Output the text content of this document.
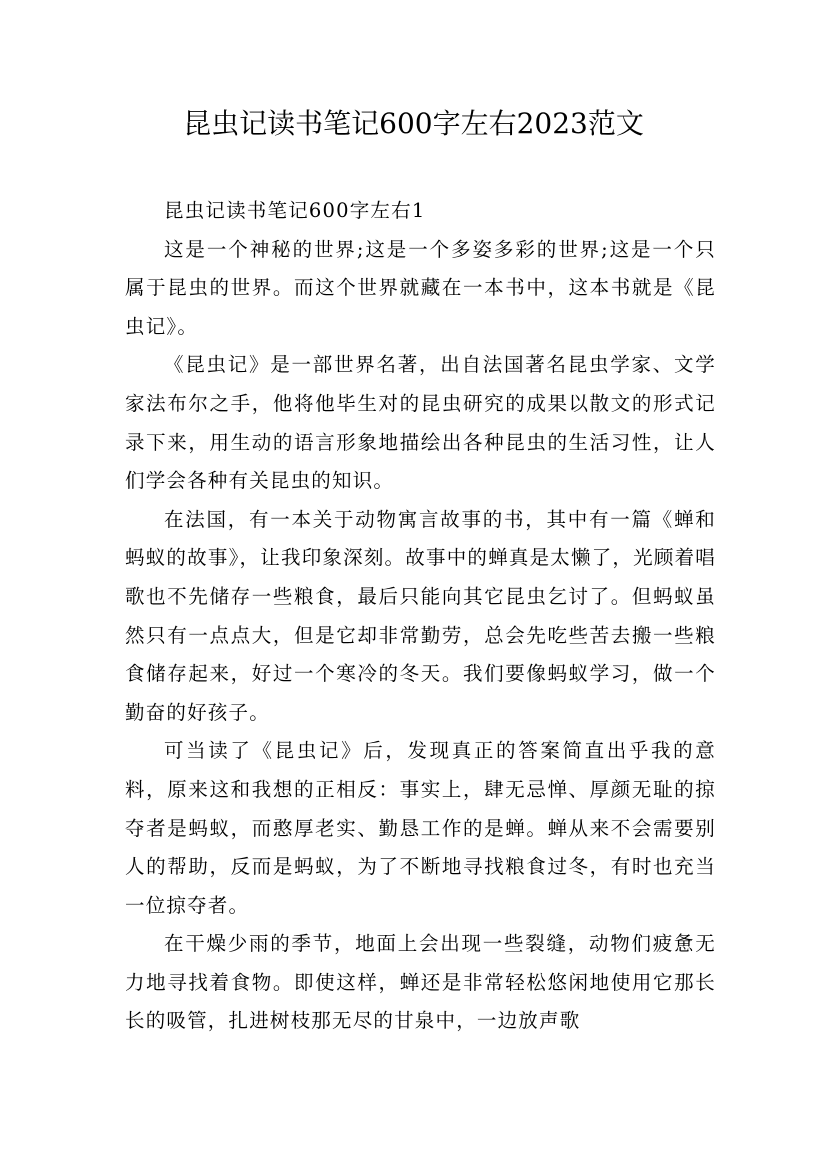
昆虫记读书笔记600字左右2023范文

昆虫记读书笔记600字左右1

这是一个神秘的世界;这是一个多姿多彩的世界;这是一个只属于昆虫的世界。而这个世界就藏在一本书中，这本书就是《昆虫记》。

《昆虫记》是一部世界名著，出自法国著名昆虫学家、文学家法布尔之手，他将他毕生对的昆虫研究的成果以散文的形式记录下来，用生动的语言形象地描绘出各种昆虫的生活习性，让人们学会各种有关昆虫的知识。

在法国，有一本关于动物寓言故事的书，其中有一篇《蝉和蚂蚁的故事》，让我印象深刻。故事中的蝉真是太懒了，光顾着唱歌也不先储存一些粮食，最后只能向其它昆虫乞讨了。但蚂蚁虽然只有一点点大，但是它却非常勤劳，总会先吃些苦去搬一些粮食储存起来，好过一个寒冷的冬天。我们要像蚂蚁学习，做一个勤奋的好孩子。

可当读了《昆虫记》后，发现真正的答案简直出乎我的意料，原来这和我想的正相反：事实上，肆无忌惮、厚颜无耻的掠夺者是蚂蚁，而憨厚老实、勤恳工作的是蝉。蝉从来不会需要别人的帮助，反而是蚂蚁，为了不断地寻找粮食过冬，有时也充当一位掠夺者。

在干燥少雨的季节，地面上会出现一些裂缝，动物们疲惫无力地寻找着食物。即使这样，蝉还是非常轻松悠闲地使用它那长长的吸管，扎进树枝那无尽的甘泉中，一边放声歌
